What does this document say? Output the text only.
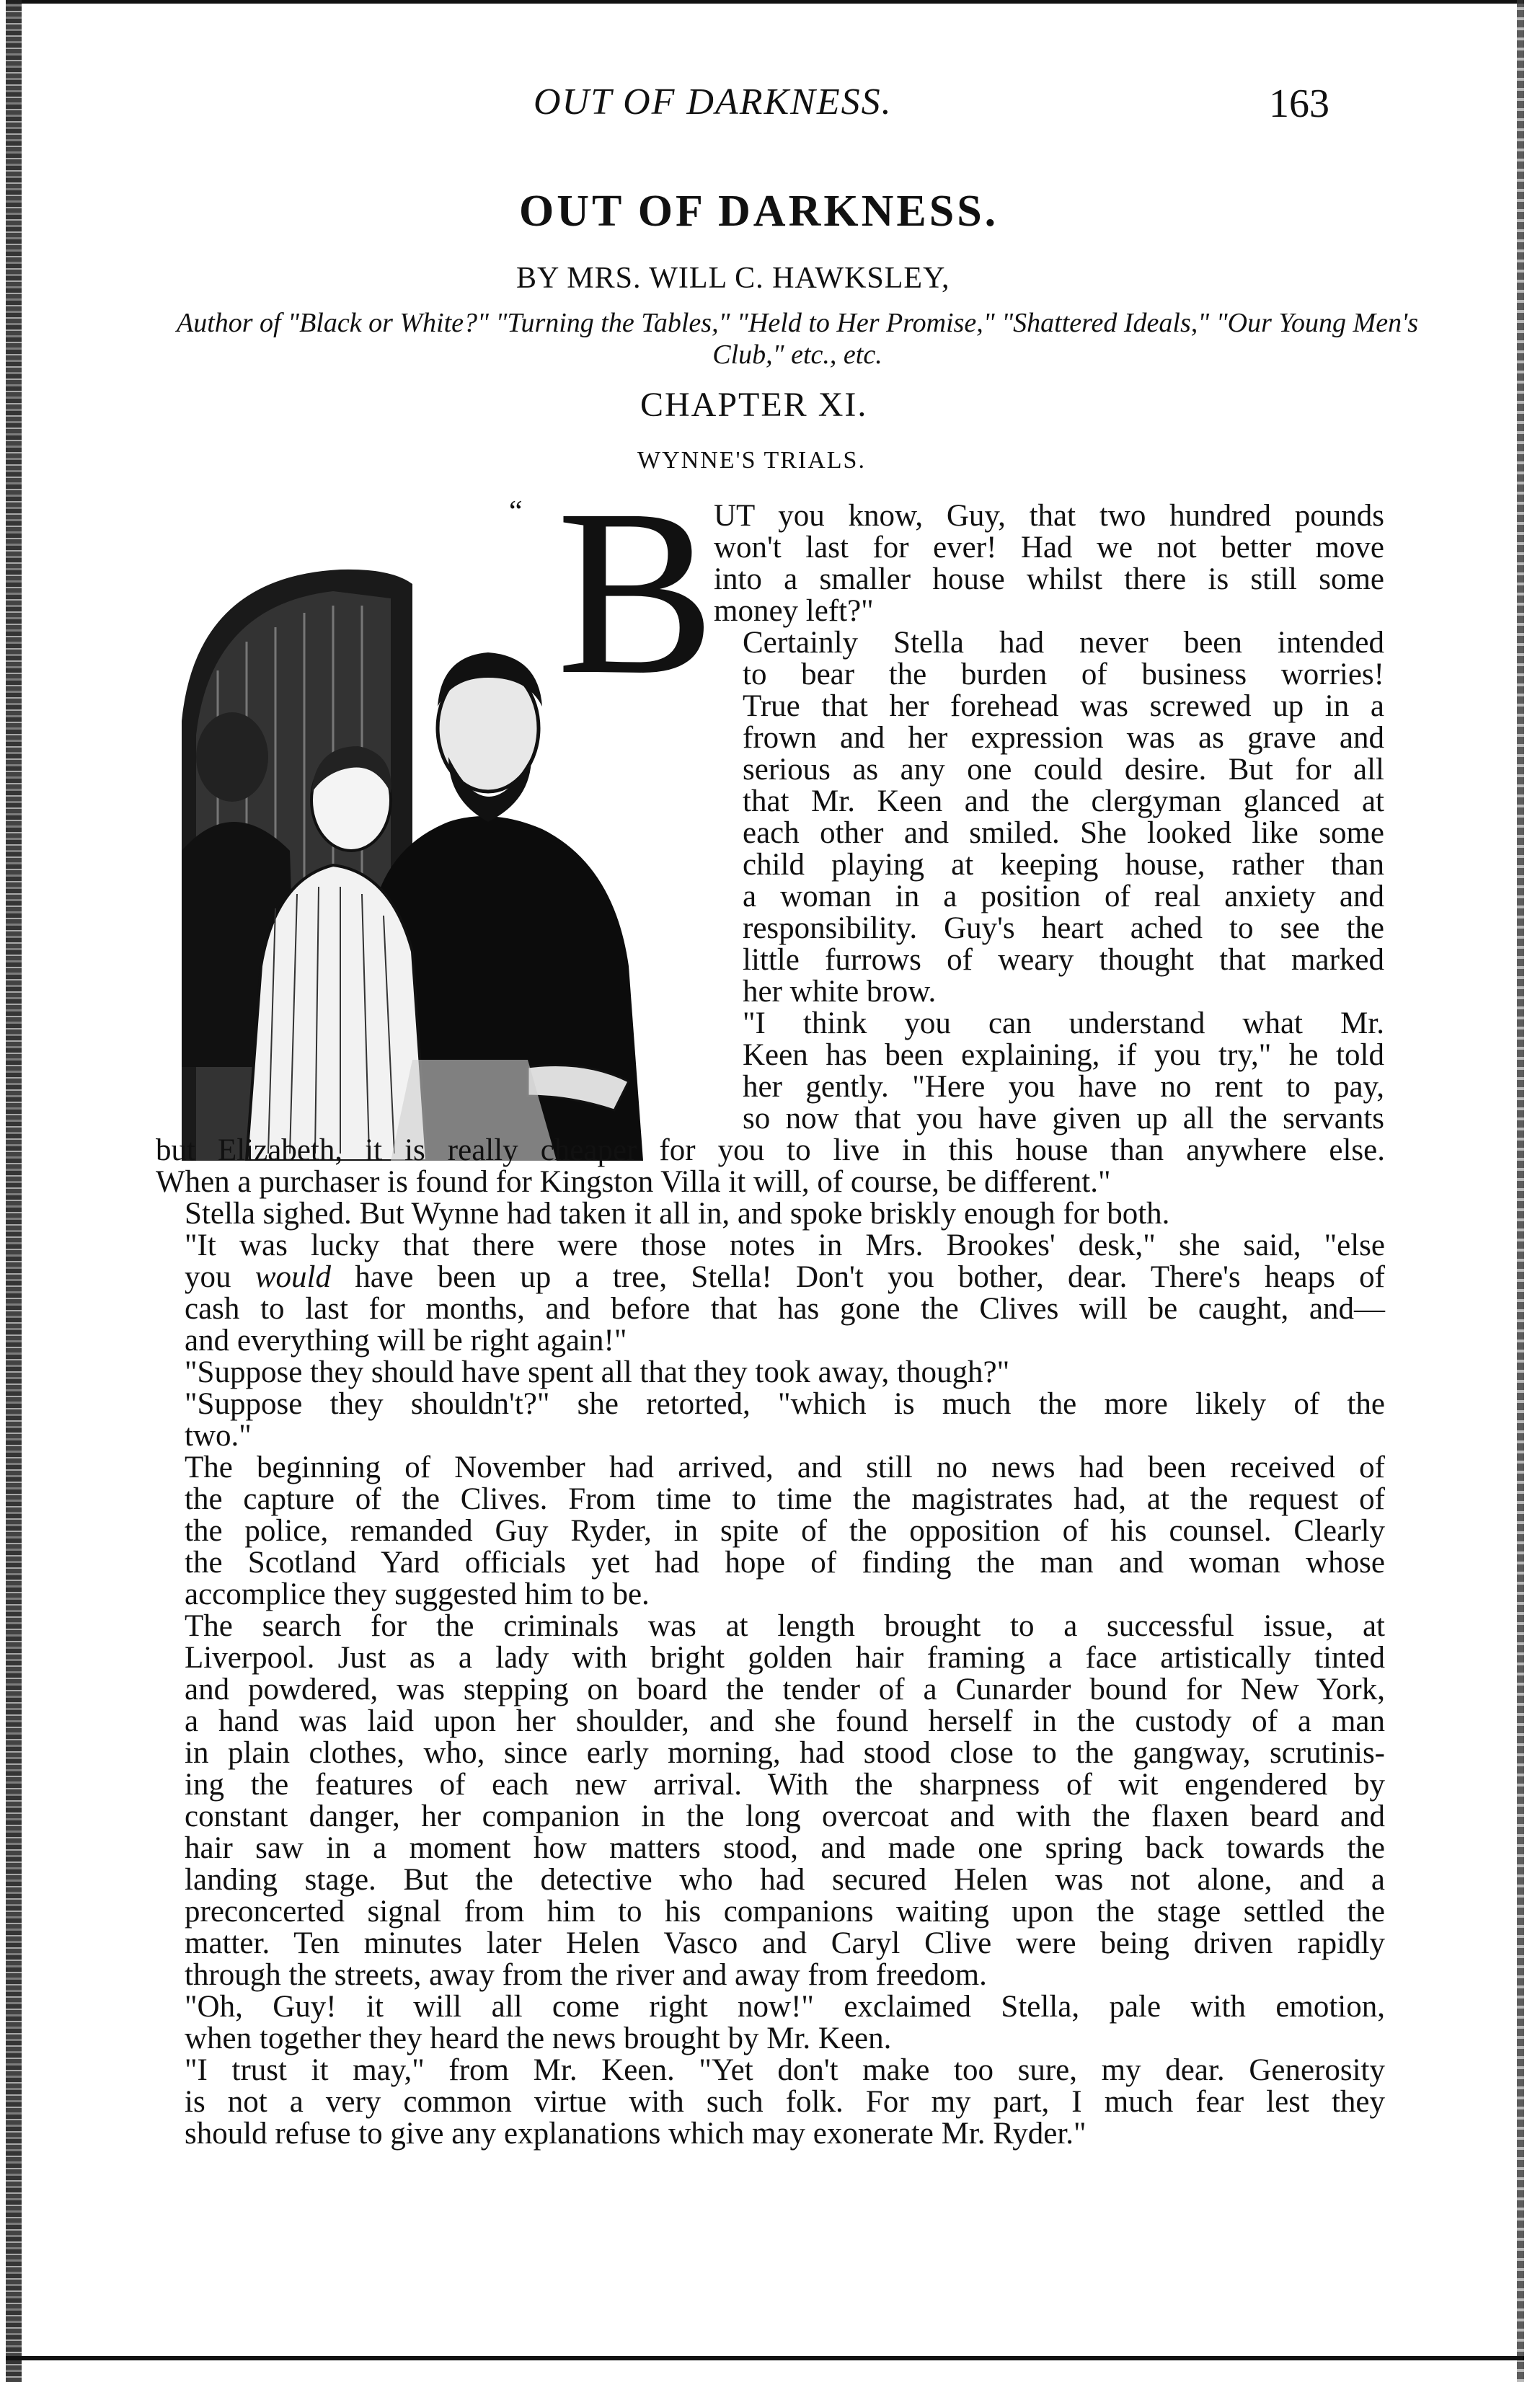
OUT OF DARKNESS.	163
OUT OF DARKNESS.
BY MRS. WILL C. HAWKSLEY,
Author of "Black or White?" "Turning the Tables," "Held to Her Promise," "Shattered Ideals," "Our Young Men's Club," etc., etc.
CHAPTER XI.
WYNNE'S TRIALS.
“ B

UT you know, Guy, that two hundred pounds
won't last for ever! Had we not better move
into a smaller house whilst there is still some
money left?"

Certainly Stella had never been intended
to bear the burden of business worries!
True that her forehead was screwed up in a
frown and her expression was as grave and
serious as any one could desire. But for all
that Mr. Keen and the clergyman glanced at
each other and smiled. She looked like some
child playing at keeping house, rather than
a woman in a position of real anxiety and
responsibility. Guy's heart ached to see the
little furrows of weary thought that marked
her white brow.

"I think you can understand what Mr.
Keen has been explaining, if you try," he told
her gently. "Here you have no rent to pay,
so now that you have given up all the servants

but Elizabeth, it is really cheaper for you to live in this house than anywhere else.
When a purchaser is found for Kingston Villa it will, of course, be different."

Stella sighed. But Wynne had taken it all in, and spoke briskly enough for both.

"It was lucky that there were those notes in Mrs. Brookes' desk," she said, "else
you would have been up a tree, Stella! Don't you bother, dear. There's heaps of
cash to last for months, and before that has gone the Clives will be caught, and—
and everything will be right again!"

"Suppose they should have spent all that they took away, though?"

"Suppose they shouldn't?" she retorted, "which is much the more likely of the
two."

The beginning of November had arrived, and still no news had been received of
the capture of the Clives. From time to time the magistrates had, at the request of
the police, remanded Guy Ryder, in spite of the opposition of his counsel. Clearly
the Scotland Yard officials yet had hope of finding the man and woman whose
accomplice they suggested him to be.

The search for the criminals was at length brought to a successful issue, at
Liverpool. Just as a lady with bright golden hair framing a face artistically tinted
and powdered, was stepping on board the tender of a Cunarder bound for New York,
a hand was laid upon her shoulder, and she found herself in the custody of a man
in plain clothes, who, since early morning, had stood close to the gangway, scrutinis-
ing the features of each new arrival. With the sharpness of wit engendered by
constant danger, her companion in the long overcoat and with the flaxen beard and
hair saw in a moment how matters stood, and made one spring back towards the
landing stage. But the detective who had secured Helen was not alone, and a
preconcerted signal from him to his companions waiting upon the stage settled the
matter. Ten minutes later Helen Vasco and Caryl Clive were being driven rapidly
through the streets, away from the river and away from freedom.

"Oh, Guy! it will all come right now!" exclaimed Stella, pale with emotion,
when together they heard the news brought by Mr. Keen.

"I trust it may," from Mr. Keen. "Yet don't make too sure, my dear. Generosity
is not a very common virtue with such folk. For my part, I much fear lest they
should refuse to give any explanations which may exonerate Mr. Ryder."
